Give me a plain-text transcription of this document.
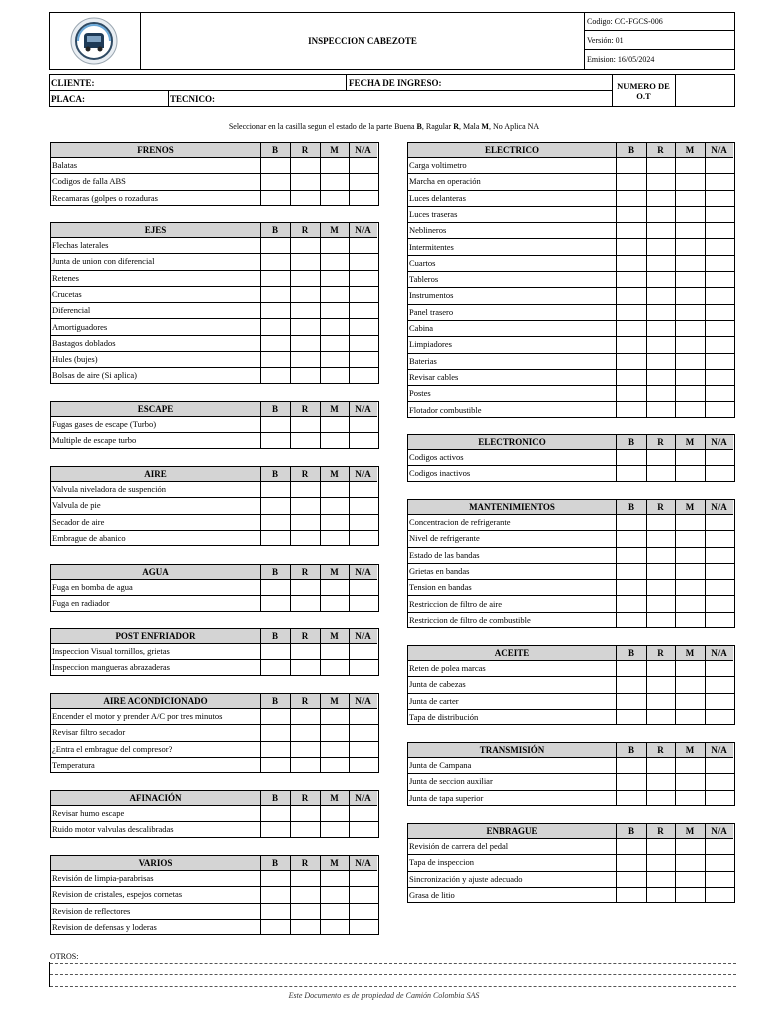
INSPECCION CABEZOTE
Codigo: CC-FGCS-006
Versión: 01
Emision: 16/05/2024
CLIENTE:	FECHA DE INGRESO:
PLACA:	TECNICO:
NUMERO DE
O.T
Seleccionar en la casilla segun el estado de la parte Buena B, Ragular R, Mala M, No Aplica NA
FRENOS	B	R	M	N/A
Balatas
Codigos de falla ABS
Recamaras (golpes o rozaduras
EJES	B	R	M	N/A
Flechas laterales
Junta de union con diferencial
Retenes
Crucetas
Diferencial
Amortiguadores
Bastagos doblados
Hules (bujes)
Bolsas de aire (Si aplica)
ESCAPE	B	R	M	N/A
Fugas gases de escape (Turbo)
Multiple de escape turbo
AIRE	B	R	M	N/A
Valvula niveladora de suspención
Valvula de pie
Secador de aire
Embrague de abanico
AGUA	B	R	M	N/A
Fuga en bomba de agua
Fuga en radiador
POST ENFRIADOR	B	R	M	N/A
Inspeccion Visual tornillos, grietas
Inspeccion mangueras abrazaderas
AIRE ACONDICIONADO	B	R	M	N/A
Encender el motor y prender A/C por tres minutos
Revisar filtro secador
¿Entra el embrague del compresor?
Temperatura
AFINACIÓN	B	R	M	N/A
Revisar humo escape
Ruido motor valvulas descalibradas
VARIOS	B	R	M	N/A
Revisión de limpia-parabrisas
Revision de cristales, espejos cornetas
Revision de reflectores
Revision de defensas y loderas
ELECTRICO	B	R	M	N/A
Carga voltimetro
Marcha en operación
Luces delanteras
Luces traseras
Neblineros
Intermitentes
Cuartos
Tableros
Instrumentos
Panel trasero
Cabina
Limpiadores
Baterias
Revisar cables
Postes
Flotador combustible
ELECTRONICO	B	R	M	N/A
Codigos activos
Codigos inactivos
MANTENIMIENTOS	B	R	M	N/A
Concentracion de refrigerante
Nivel de refrigerante
Estado de las bandas
Grietas en bandas
Tension en bandas
Restriccion de filtro de aire
Restriccion de filtro de combustible
ACEITE	B	R	M	N/A
Reten de polea marcas
Junta de cabezas
Junta de carter
Tapa de distribución
TRANSMISIÓN	B	R	M	N/A
Junta de Campana
Junta de seccion auxiliar
Junta de tapa superior
ENBRAGUE	B	R	M	N/A
Revisión de carrera del pedal
Tapa de inspeccion
Sincronización y ajuste adecuado
Grasa de litio
OTROS:
Este Documento es de propiedad de Camión Colombia SAS
